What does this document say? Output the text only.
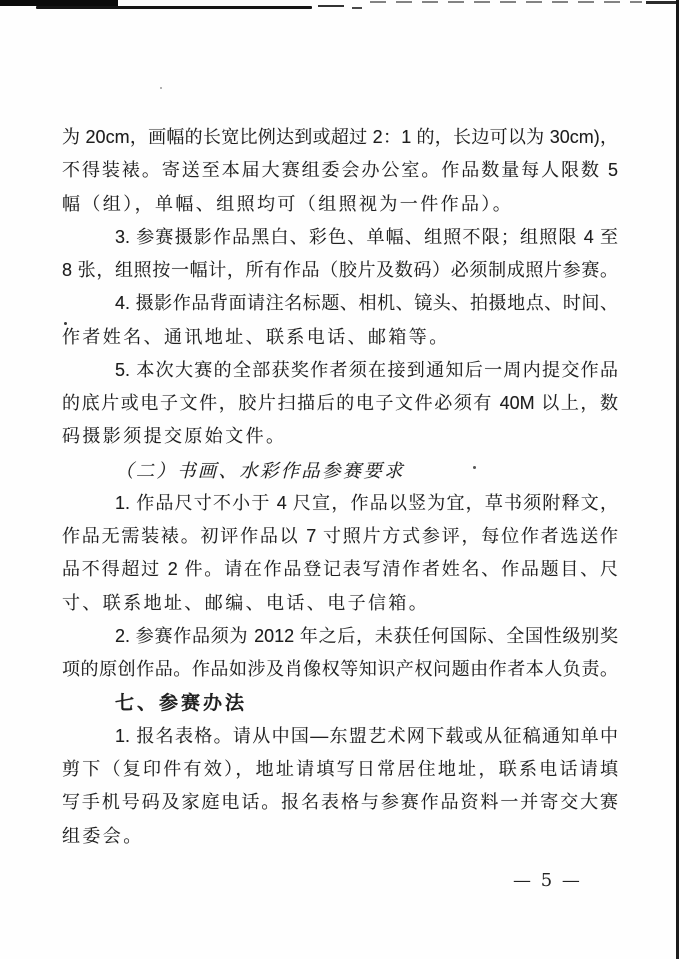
为 20cm，画幅的长宽比例达到或超过 2：1 的，长边可以为 30cm)，
不得装裱。寄送至本届大赛组委会办公室。作品数量每人限数 5
幅（组），单幅、组照均可（组照视为一件作品）。
3. 参赛摄影作品黑白、彩色、单幅、组照不限；组照限 4 至
8 张，组照按一幅计，所有作品（胶片及数码）必须制成照片参赛。
4. 摄影作品背面请注名标题、相机、镜头、拍摄地点、时间、
作者姓名、通讯地址、联系电话、邮箱等。
5. 本次大赛的全部获奖作者须在接到通知后一周内提交作品
的底片或电子文件，胶片扫描后的电子文件必须有 40M 以上，数
码摄影须提交原始文件。
（二）书画、水彩作品参赛要求
1. 作品尺寸不小于 4 尺宣，作品以竖为宜，草书须附释文，
作品无需装裱。初评作品以 7 寸照片方式参评，每位作者选送作
品不得超过 2 件。请在作品登记表写清作者姓名、作品题目、尺
寸、联系地址、邮编、电话、电子信箱。
2. 参赛作品须为 2012 年之后，未获任何国际、全国性级别奖
项的原创作品。作品如涉及肖像权等知识产权问题由作者本人负责。
七、参赛办法
1. 报名表格。请从中国—东盟艺术网下载或从征稿通知单中
剪下（复印件有效），地址请填写日常居住地址，联系电话请填
写手机号码及家庭电话。报名表格与参赛作品资料一并寄交大赛
组委会。
— 5 —
